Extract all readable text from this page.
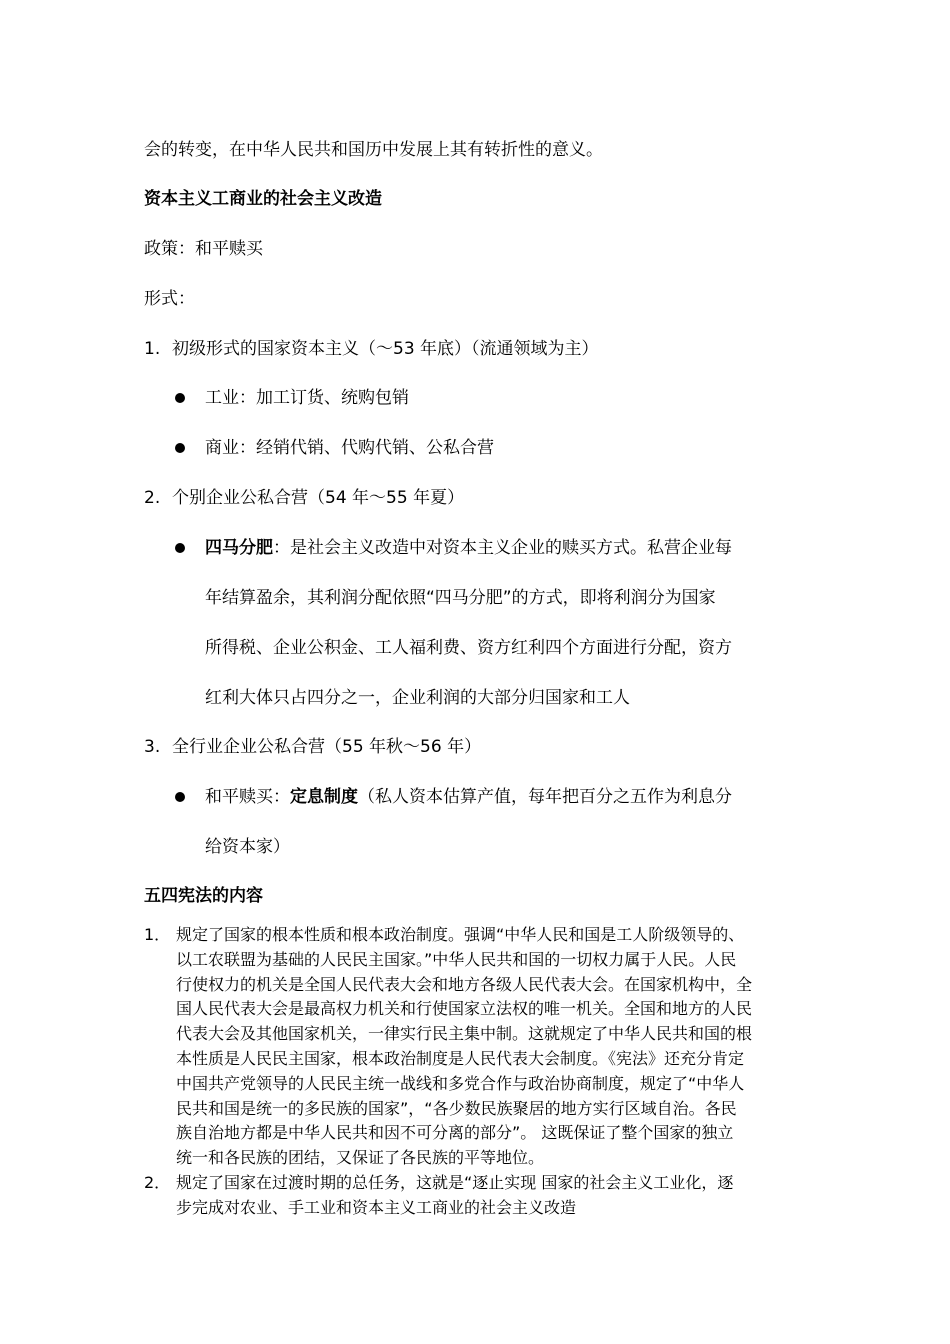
会的转变，在中华人民共和国历中发展上其有转折性的意义。
资本主义工商业的社会主义改造
政策：和平赎买
形式：
1. 初级形式的国家资本主义（～53 年底）（流通领域为主）
工业：加工订货、统购包销
商业：经销代销、代购代销、公私合营
2. 个别企业公私合营（54 年～55 年夏）
四马分肥：是社会主义改造中对资本主义企业的赎买方式。私营企业每
年结算盈余，其利润分配依照“四马分肥”的方式，即将利润分为国家
所得税、企业公积金、工人福利费、资方红利四个方面进行分配，资方
红利大体只占四分之一，企业利润的大部分归国家和工人
3. 全行业企业公私合营（55 年秋～56 年）
和平赎买：定息制度（私人资本估算产值，每年把百分之五作为利息分
给资本家）
五四宪法的内容
1． 规定了国家的根本性质和根本政治制度。强调“中华人民和国是工人阶级领导的、
以工农联盟为基础的人民民主国家。”中华人民共和国的一切权力属于人民。人民
行使权力的机关是全国人民代表大会和地方各级人民代表大会。在国家机构中，全
国人民代表大会是最高权力机关和行使国家立法权的唯一机关。全国和地方的人民
代表大会及其他国家机关，一律实行民主集中制。这就规定了中华人民共和国的根
本性质是人民民主国家，根本政治制度是人民代表大会制度。《宪法》还充分肯定
中国共产党领导的人民民主统一战线和多党合作与政治协商制度，规定了“中华人
民共和国是统一的多民族的国家”，“各少数民族聚居的地方实行区域自治。各民
族自治地方都是中华人民共和因不可分离的部分”。 这既保证了整个国家的独立
统一和各民族的团结，又保证了各民族的平等地位。
2． 规定了国家在过渡时期的总任务，这就是“逐止实现 国家的社会主义工业化，逐
步完成对农业、手工业和资本主义工商业的社会主义改造
